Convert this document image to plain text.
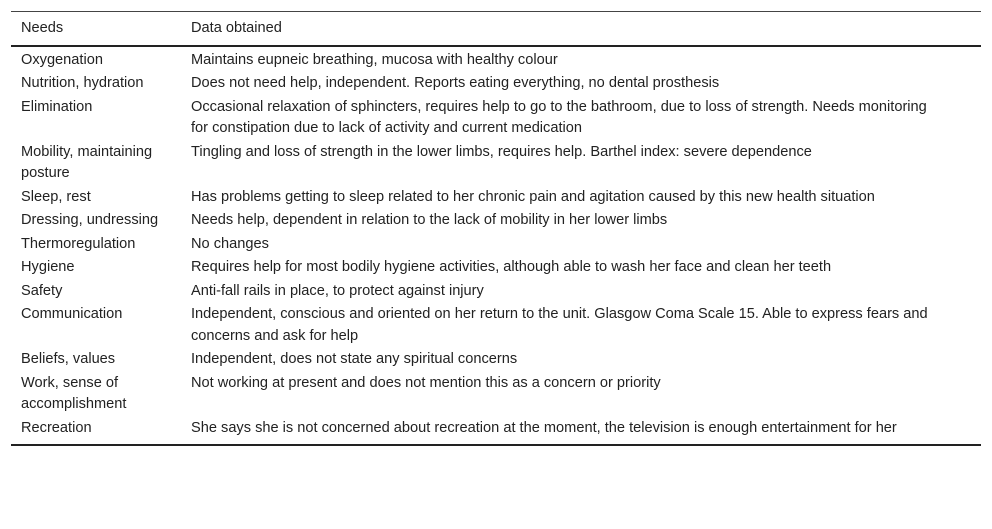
Needs	Data obtained
Oxygenation	Maintains eupneic breathing, mucosa with healthy colour
Nutrition, hydration	Does not need help, independent. Reports eating everything, no dental prosthesis
Elimination	Occasional relaxation of sphincters, requires help to go to the bathroom, due to loss of strength. Needs monitoring for constipation due to lack of activity and current medication
Mobility, maintaining posture	Tingling and loss of strength in the lower limbs, requires help. Barthel index: severe dependence
Sleep, rest	Has problems getting to sleep related to her chronic pain and agitation caused by this new health situation
Dressing, undressing	Needs help, dependent in relation to the lack of mobility in her lower limbs
Thermoregulation	No changes
Hygiene	Requires help for most bodily hygiene activities, although able to wash her face and clean her teeth
Safety	Anti-fall rails in place, to protect against injury
Communication	Independent, conscious and oriented on her return to the unit. Glasgow Coma Scale 15. Able to express fears and concerns and ask for help
Beliefs, values	Independent, does not state any spiritual concerns
Work, sense of accomplishment	Not working at present and does not mention this as a concern or priority
Recreation	She says she is not concerned about recreation at the moment, the television is enough entertainment for her
